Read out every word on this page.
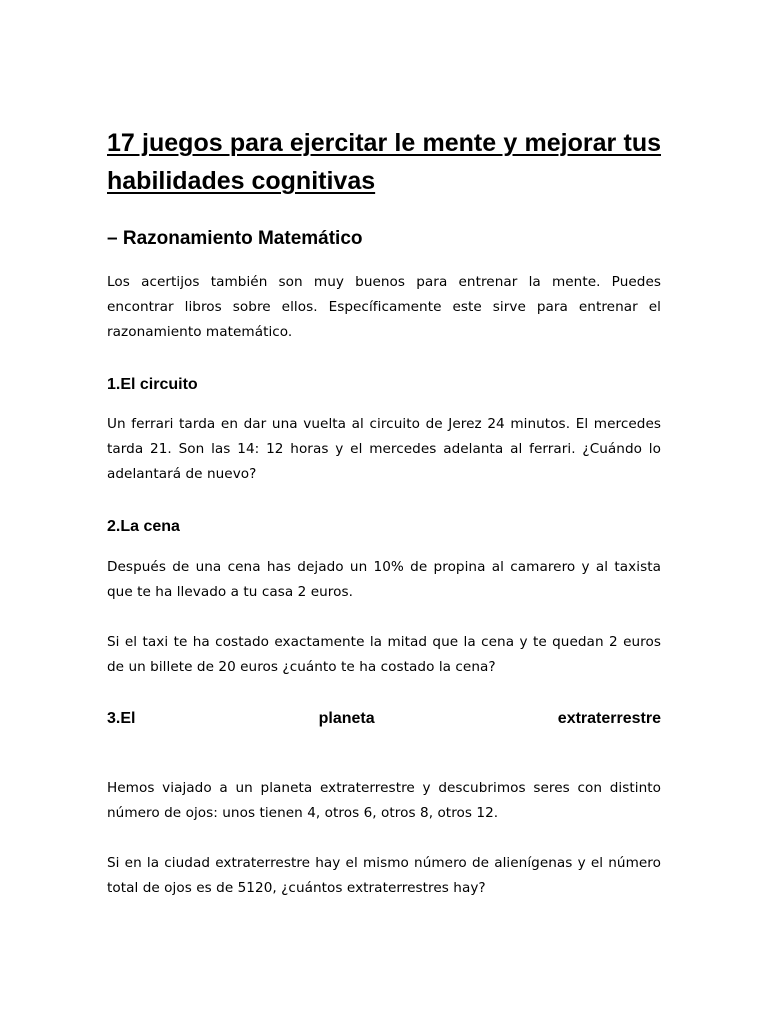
17 juegos para ejercitar le mente y mejorar tus habilidades cognitivas
– Razonamiento Matemático

Los acertijos también son muy buenos para entrenar la mente. Puedes encontrar libros sobre ellos. Específicamente este sirve para entrenar el razonamiento matemático.

1.El circuito

Un ferrari tarda en dar una vuelta al circuito de Jerez 24 minutos. El mercedes tarda 21. Son las 14: 12 horas y el mercedes adelanta al ferrari. ¿Cuándo lo adelantará de nuevo?

2.La cena

Después de una cena has dejado un 10% de propina al camarero y al taxista que te ha llevado a tu casa 2 euros.

Si el taxi te ha costado exactamente la mitad que la cena y te quedan 2 euros de un billete de 20 euros ¿cuánto te ha costado la cena?

3.El	planeta	extraterrestre

Hemos viajado a un planeta extraterrestre y descubrimos seres con distinto número de ojos: unos tienen 4, otros 6, otros 8, otros 12.

Si en la ciudad extraterrestre hay el mismo número de alienígenas y el número total de ojos es de 5120, ¿cuántos extraterrestres hay?
